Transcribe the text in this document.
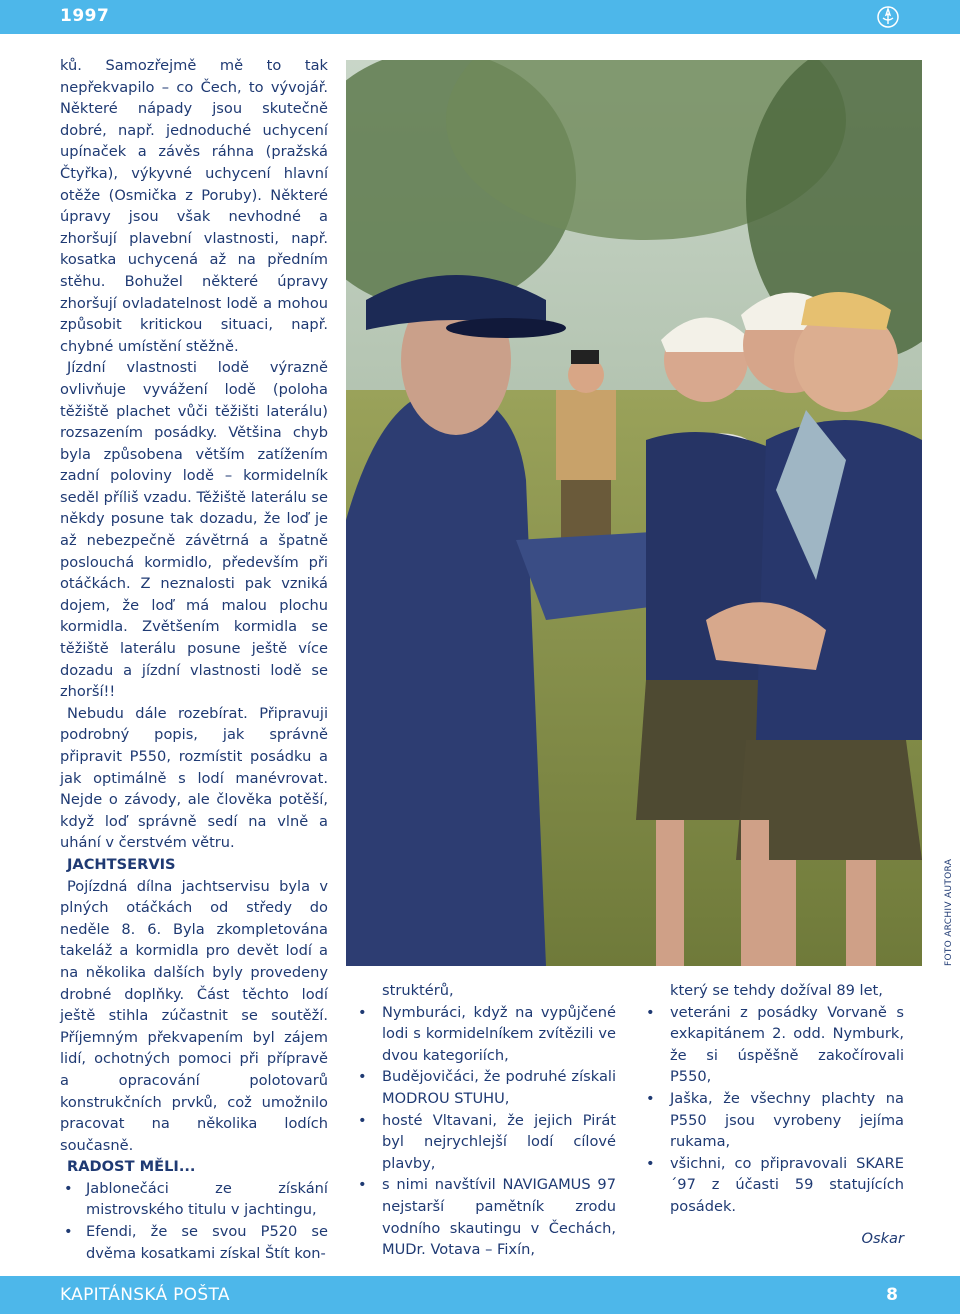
1997

ků. Samozřejmě mě to tak nepřekvapilo – co Čech, to vývojář. Některé nápady jsou skutečně dobré, např. jednoduché uchycení upínaček a závěs ráhna (pražská Čtyřka), výkyvné uchycení hlavní otěže (Osmička z Poruby). Některé úpravy jsou však nevhodné a zhoršují plavební vlastnosti, např. kosatka uchycená až na předním stěhu. Bohužel některé úpravy zhoršují ovladatelnost lodě a mohou způsobit kritickou situaci, např. chybné umístění stěžně.

Jízdní vlastnosti lodě výrazně ovlivňuje vyvážení lodě (poloha těžiště plachet vůči těžišti laterálu) rozsazením posádky. Většina chyb byla způsobena větším zatížením zadní poloviny lodě – kormidelník seděl příliš vzadu. Těžiště laterálu se někdy posune tak dozadu, že loď je až nebezpečně závětrná a špatně poslouchá kormidlo, především při otáčkách. Z neznalosti pak vzniká dojem, že loď má malou plochu kormidla. Zvětšením kormidla se těžiště laterálu posune ještě více dozadu a jízdní vlastnosti lodě se zhorší!!

Nebudu dále rozebírat. Připravuji podrobný popis, jak správně připravit P550, rozmístit posádku a jak optimálně s lodí manévrovat. Nejde o závody, ale člověka potěší, když loď správně sedí na vlně a uhání v čerstvém větru.

JACHTSERVIS

Pojízdná dílna jachtservisu byla v plných otáčkách od středy do neděle 8. 6. Byla zkompletována takeláž a kormidla pro devět lodí a na několika dalších byly provedeny drobné doplňky. Část těchto lodí ještě stihla zúčastnit se soutěží. Příjemným překvapením byl zájem lidí, ochotných pomoci při přípravě a opracování polotovarů konstrukčních prvků, což umožnilo pracovat na několika lodích současně.

RADOST MĚLI...
• Jablonečáci ze získání mistrovského titulu v jachtingu,
• Efendi, že se svou P520 se dvěma kosatkami získal Štít kon-
FOTO ARCHIV AUTORA

struktérů,

• Nymburáci, když na vypůjčené lodi s kormidelníkem zvítězili ve dvou kategoriích,
• Budějovičáci, že podruhé získali MODROU STUHU,
• hosté Vltavani, že jejich Pirát byl nejrychlejší lodí cílové plavby,
• s nimi navštívil NAVIGAMUS 97 nejstarší pamětník zrodu vodního skautingu v Čechách, MUDr. Votava – Fixín,

který se tehdy dožíval 89 let,

• veteráni z posádky Vorvaně s exkapitánem 2. odd. Nymburk, že si úspěšně zakočírovali P550,
• Jaška, že všechny plachty na P550 jsou vyrobeny jejíma rukama,
• všichni, co připravovali SKARE ´97 z účasti 59 statujících posádek.

Oskar

KAPITÁNSKÁ POŠTA	8
